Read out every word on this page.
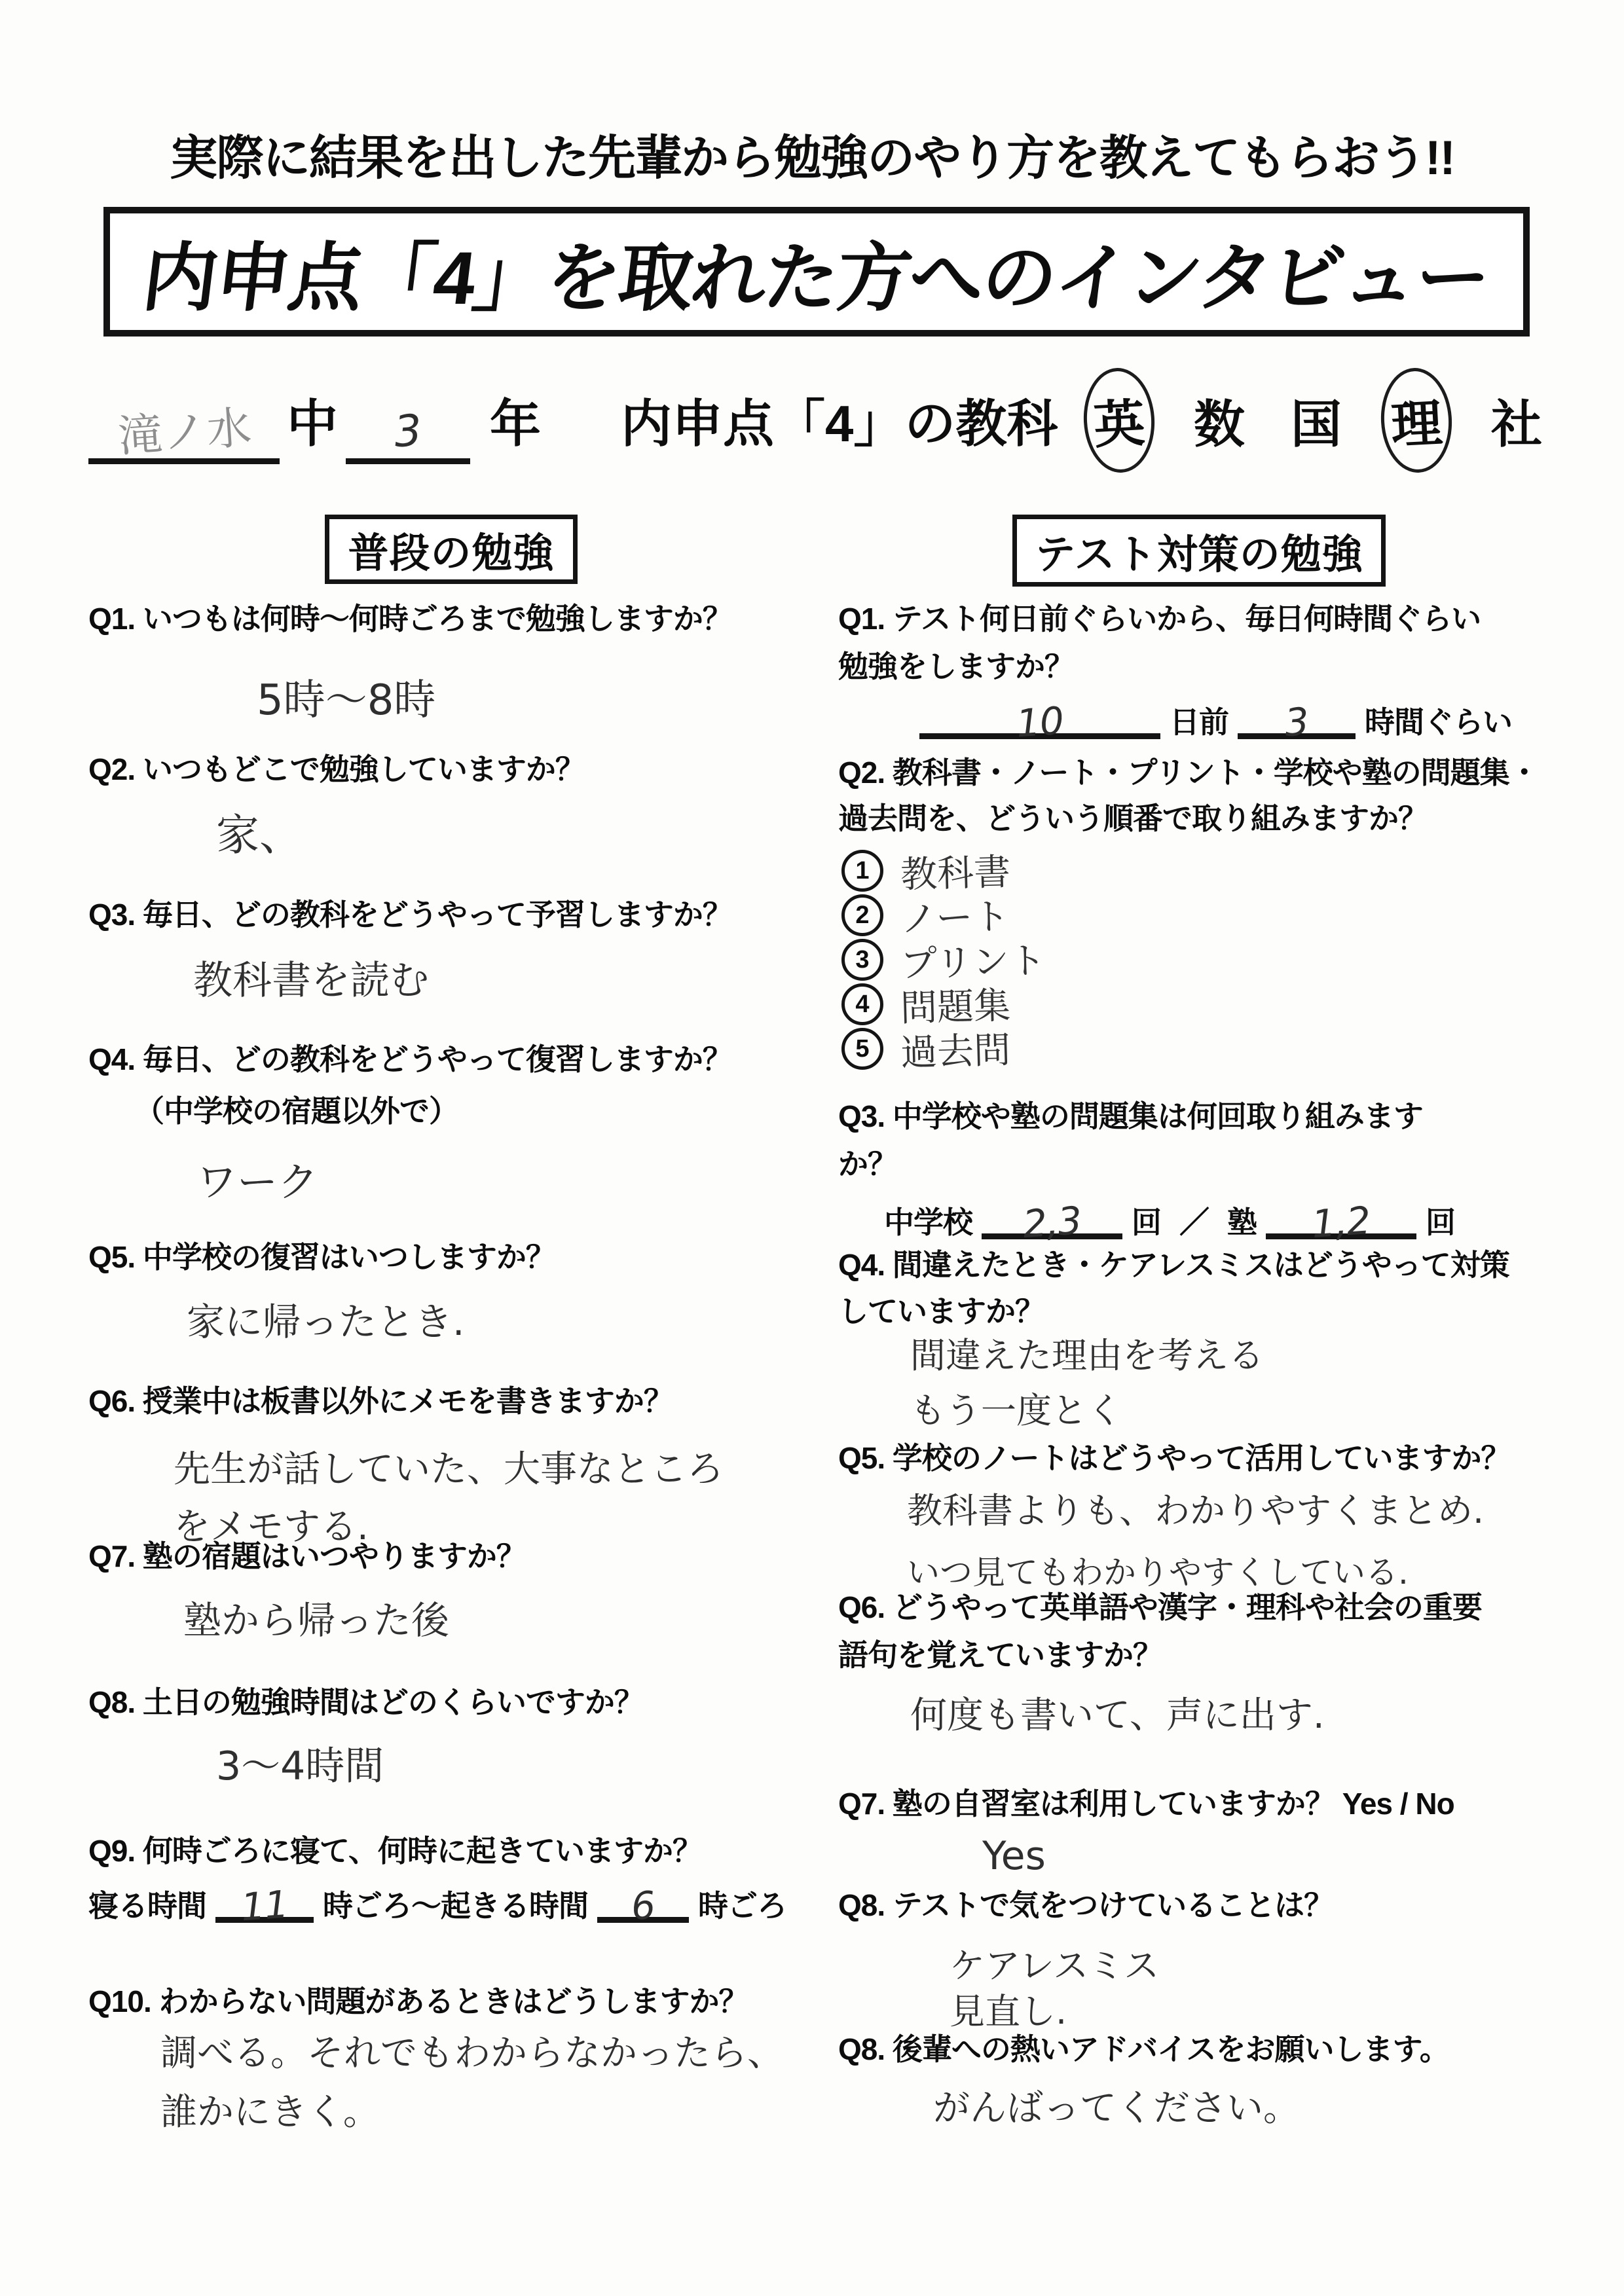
実際に結果を出した先輩から勉強のやり方を教えてもらおう!!
内申点「4」を取れた方へのインタビュー
滝ノ水 中	3	年 内申点「4」の教科 英 数 国 理 社
普段の勉強
Q1. いつもは何時～何時ごろまで勉強しますか？
5時～8時
Q2. いつもどこで勉強していますか？
家、
Q3. 毎日、どの教科をどうやって予習しますか？
教科書を読む
Q4. 毎日、どの教科をどうやって復習しますか？
（中学校の宿題以外で）
ワーク
Q5. 中学校の復習はいつしますか？
家に帰ったとき.
Q6. 授業中は板書以外にメモを書きますか？
先生が話していた、大事なところ
をメモする.
Q7. 塾の宿題はいつやりますか？
塾から帰った後
Q8. 土日の勉強時間はどのくらいですか？
3～4時間
Q9. 何時ごろに寝て、何時に起きていますか？
寝る時間 11	時ごろ～起きる時間	6	時ごろ
Q10. わからない問題があるときはどうしますか？
調べる。それでもわからなかったら、
誰かにきく。
テスト対策の勉強
Q1. テスト何日前ぐらいから、毎日何時間ぐらい
勉強をしますか？
10	日前	3	時間ぐらい
Q2. 教科書・ノート・プリント・学校や塾の問題集・
過去問を、どういう順番で取り組みますか？
1 教科書
2 ノート
3 プリント
4 問題集
5 過去問
Q3. 中学校や塾の問題集は何回取り組みます
か？
中学校	2,3	回 ／ 塾	1,2	回
Q4. 間違えたとき・ケアレスミスはどうやって対策
していますか？
間違えた理由を考える
もう一度とく
Q5. 学校のノートはどうやって活用していますか？
教科書よりも、わかりやすくまとめ.
いつ見てもわかりやすくしている.
Q6. どうやって英単語や漢字・理科や社会の重要
語句を覚えていますか？
何度も書いて、声に出す.
Q7. 塾の自習室は利用していますか？ Yes / No
Yes
Q8. テストで気をつけていることは？
ケアレスミス
見直し.
Q8. 後輩への熱いアドバイスをお願いします。
がんばってください。
